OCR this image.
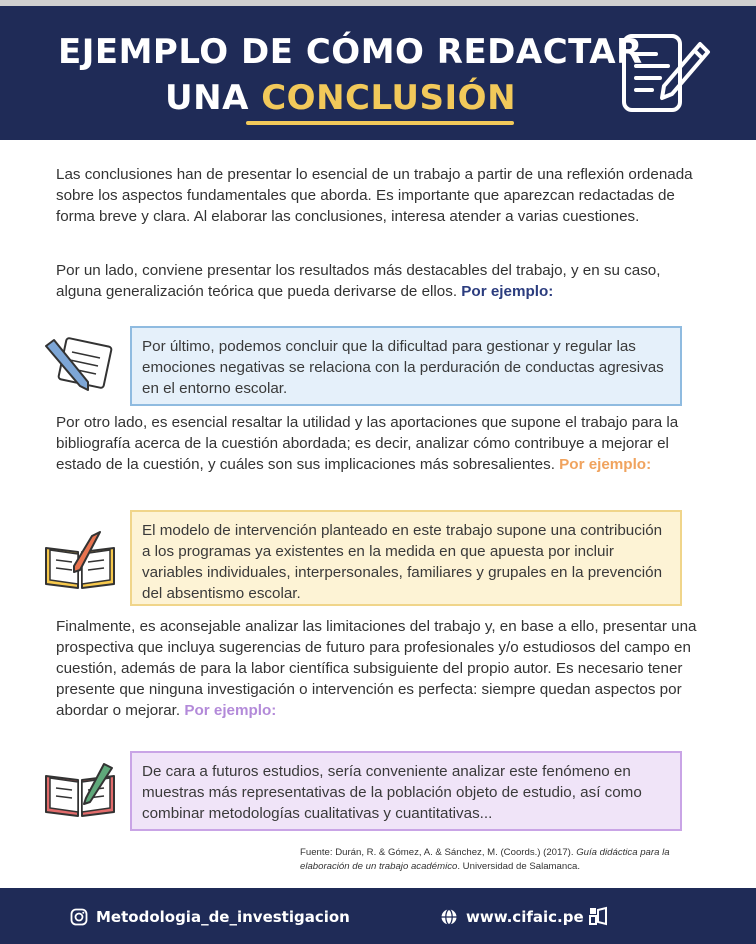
EJEMPLO DE CÓMO REDACTAR
UNA CONCLUSIÓN

Las conclusiones han de presentar lo esencial de un trabajo a partir de una reflexión ordenada sobre los aspectos fundamentales que aborda. Es importante que aparezcan redactadas de forma breve y clara. Al elaborar las conclusiones, interesa atender a varias cuestiones.

Por un lado, conviene presentar los resultados más destacables del trabajo, y en su caso, alguna generalización teórica que pueda derivarse de ellos. Por ejemplo:

Por último, podemos concluir que la dificultad para gestionar y regular las emociones negativas se relaciona con la perduración de conductas agresivas en el entorno escolar.

Por otro lado, es esencial resaltar la utilidad y las aportaciones que supone el trabajo para la bibliografía acerca de la cuestión abordada; es decir, analizar cómo contribuye a mejorar el estado de la cuestión, y cuáles son sus implicaciones más sobresalientes. Por ejemplo:

El modelo de intervención planteado en este trabajo supone una contribución a los programas ya existentes en la medida en que apuesta por incluir variables individuales, interpersonales, familiares y grupales en la prevención del absentismo escolar.

Finalmente, es aconsejable analizar las limitaciones del trabajo y, en base a ello, presentar una prospectiva que incluya sugerencias de futuro para profesionales y/o estudiosos del campo en cuestión, además de para la labor científica subsiguiente del propio autor. Es necesario tener presente que ninguna investigación o intervención es perfecta: siempre quedan aspectos por abordar o mejorar. Por ejemplo:

De cara a futuros estudios, sería conveniente analizar este fenómeno en muestras más representativas de la población objeto de estudio, así como combinar metodologías cualitativas y cuantitativas...
Fuente: Durán, R. & Gómez, A. & Sánchez, M. (Coords.) (2017). Guía didáctica para la elaboración de un trabajo académico. Universidad de Salamanca.
Metodologia_de_investigacion	www.cifaic.pe
